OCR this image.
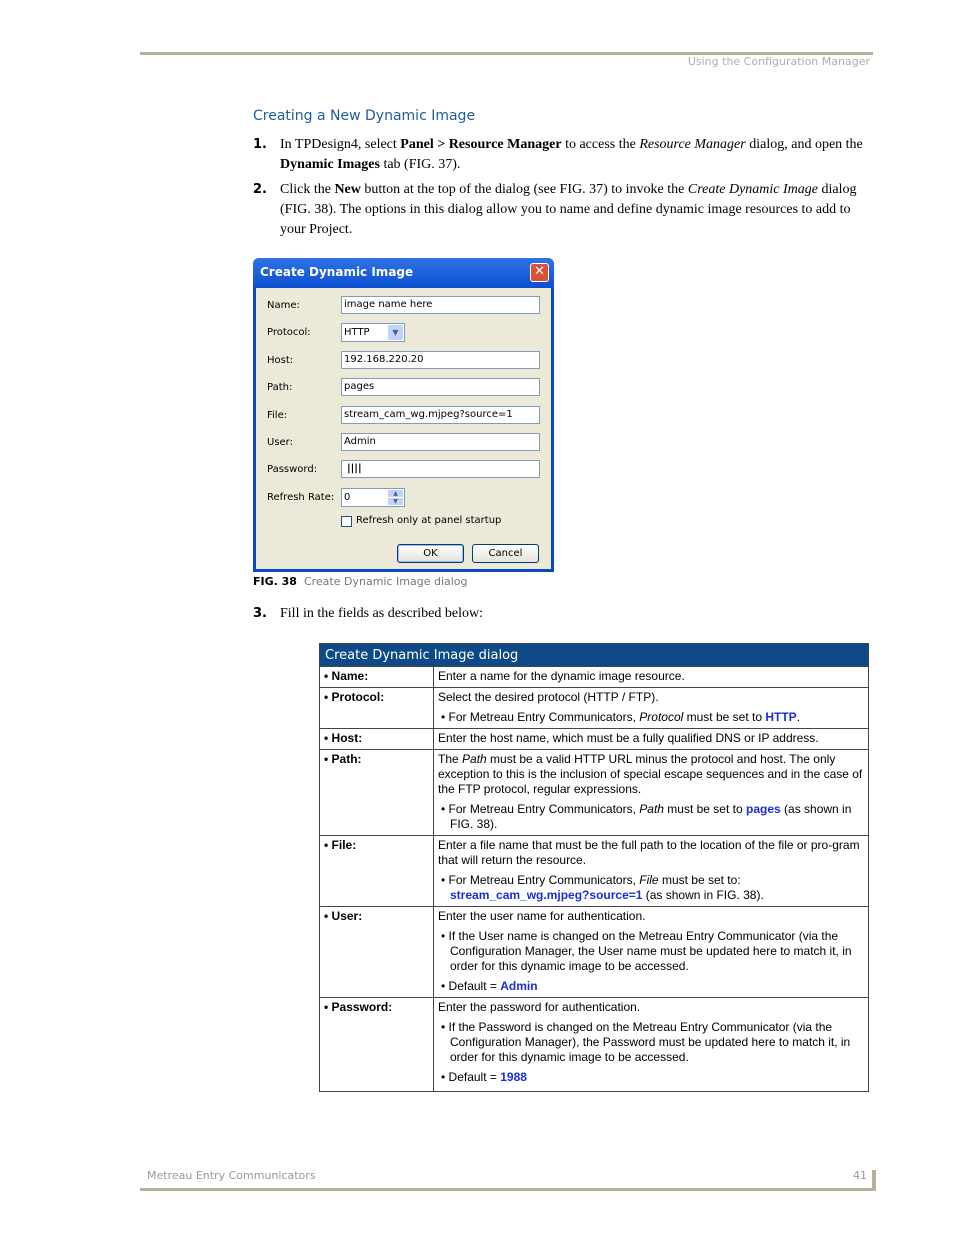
Using the Configuration Manager
Creating a New Dynamic Image
1. In TPDesign4, select Panel > Resource Manager to access the Resource Manager dialog, and open the Dynamic Images tab (FIG. 37).
2. Click the New button at the top of the dialog (see FIG. 37) to invoke the Create Dynamic Image dialog (FIG. 38). The options in this dialog allow you to name and define dynamic image resources to add to your Project.
Create Dynamic Image	✕
Name:	image name here
Protocol:	HTTP	▼
Host:	192.168.220.20
Path:	pages
File:	stream_cam_wg.mjpeg?source=1
User:	Admin
Password:	||||
Refresh Rate: 0	▲
▼
Refresh only at panel startup
OK	Cancel
FIG. 38 Create Dynamic Image dialog
3. Fill in the fields as described below:
Create Dynamic Image dialog	
• Name:	Enter a name for the dynamic image resource.

• Protocol:	Select the desired protocol (HTTP / FTP).

• For Metreau Entry Communicators, Protocol must be set to HTTP.

• Host:	Enter the host name, which must be a fully qualified DNS or IP address.

• Path:	The Path must be a valid HTTP URL minus the protocol and host. The only exception to this is the inclusion of special escape sequences and in the case of the FTP protocol, regular expressions.

• For Metreau Entry Communicators, Path must be set to pages (as shown in FIG. 38).

• File:	Enter a file name that must be the full path to the location of the file or pro-gram that will return the resource.

• For Metreau Entry Communicators, File must be set to: stream_cam_wg.mjpeg?source=1 (as shown in FIG. 38).

• User:	Enter the user name for authentication.

• If the User name is changed on the Metreau Entry Communicator (via the Configuration Manager, the User name must be updated here to match it, in order for this dynamic image to be accessed.

• Default = Admin

• Password:	Enter the password for authentication.

• If the Password is changed on the Metreau Entry Communicator (via the Configuration Manager), the Password must be updated here to match it, in order for this dynamic image to be accessed.

• Default = 1988

Metreau Entry Communicators	41
